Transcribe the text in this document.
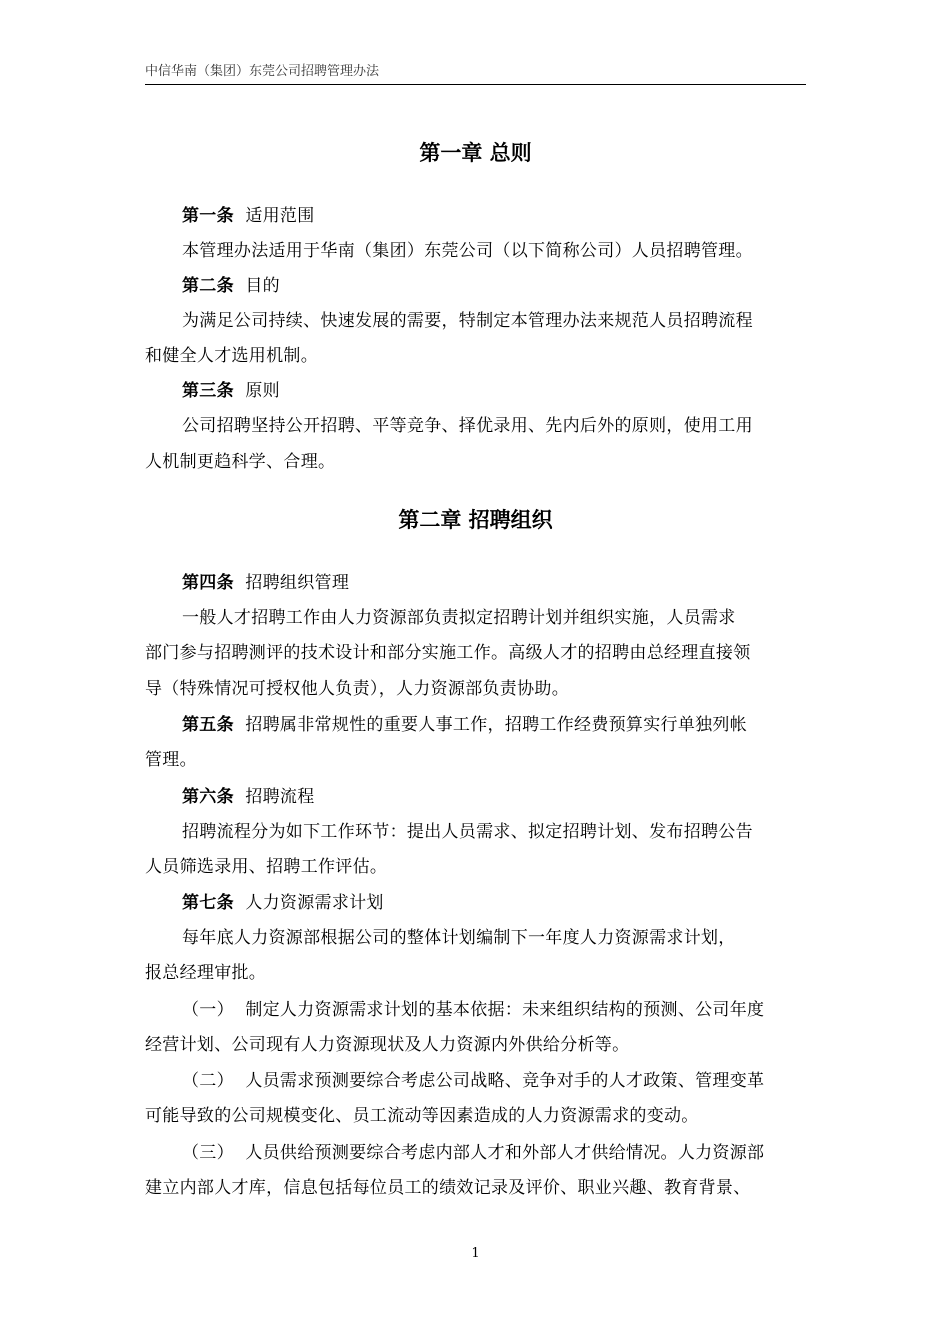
中信华南（集团）东莞公司招聘管理办法
第一章 总则
第一条 适用范围
本管理办法适用于华南（集团）东莞公司（以下简称公司）人员招聘管理。
第二条 目的
为满足公司持续、快速发展的需要，特制定本管理办法来规范人员招聘流程
和健全人才选用机制。
第三条 原则
公司招聘坚持公开招聘、平等竞争、择优录用、先内后外的原则，使用工用
人机制更趋科学、合理。
第二章 招聘组织
第四条 招聘组织管理
一般人才招聘工作由人力资源部负责拟定招聘计划并组织实施，人员需求
部门参与招聘测评的技术设计和部分实施工作。高级人才的招聘由总经理直接领
导（特殊情况可授权他人负责），人力资源部负责协助。
第五条 招聘属非常规性的重要人事工作，招聘工作经费预算实行单独列帐
管理。
第六条 招聘流程
招聘流程分为如下工作环节：提出人员需求、拟定招聘计划、发布招聘公告
人员筛选录用、招聘工作评估。
第七条 人力资源需求计划
每年底人力资源部根据公司的整体计划编制下一年度人力资源需求计划，
报总经理审批。
（一） 制定人力资源需求计划的基本依据：未来组织结构的预测、公司年度
经营计划、公司现有人力资源现状及人力资源内外供给分析等。
（二） 人员需求预测要综合考虑公司战略、竞争对手的人才政策、管理变革
可能导致的公司规模变化、员工流动等因素造成的人力资源需求的变动。
（三） 人员供给预测要综合考虑内部人才和外部人才供给情况。人力资源部
建立内部人才库，信息包括每位员工的绩效记录及评价、职业兴趣、教育背景、
1
